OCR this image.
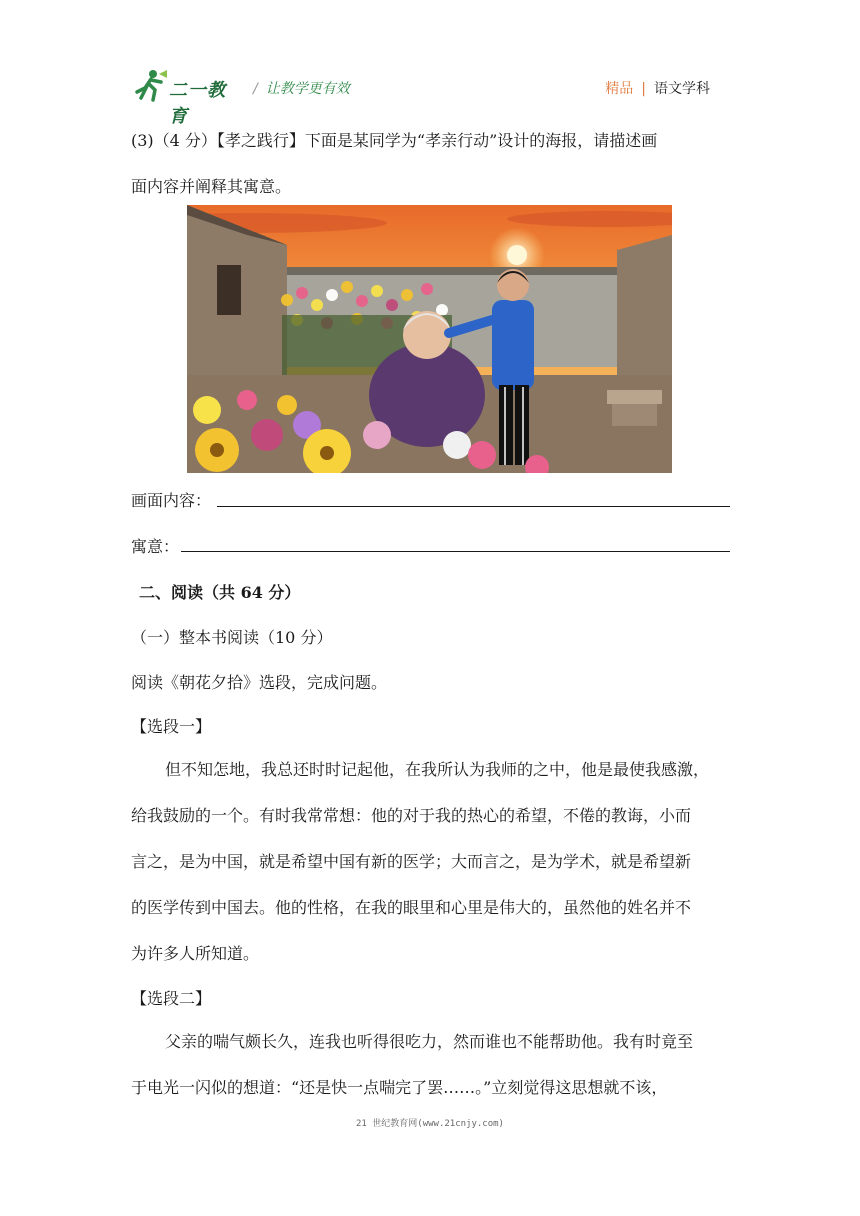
二一教育
/ 让教学更有效	精品 | 语文学科
(3)（4 分）【孝之践行】下面是某同学为“孝亲行动”设计的海报，请描述画
面内容并阐释其寓意。
画面内容：
寓意：
二、阅读（共 64 分）
（一）整本书阅读（10 分）
阅读《朝花夕拾》选段，完成问题。
【选段一】
但不知怎地，我总还时时记起他，在我所认为我师的之中，他是最使我感激，
给我鼓励的一个。有时我常常想：他的对于我的热心的希望，不倦的教诲，小而
言之，是为中国，就是希望中国有新的医学；大而言之，是为学术，就是希望新
的医学传到中国去。他的性格，在我的眼里和心里是伟大的，虽然他的姓名并不
为许多人所知道。
【选段二】
父亲的喘气颇长久，连我也听得很吃力，然而谁也不能帮助他。我有时竟至
于电光一闪似的想道：“还是快一点喘完了罢……。”立刻觉得这思想就不该，
21 世纪教育网(www.21cnjy.com)
